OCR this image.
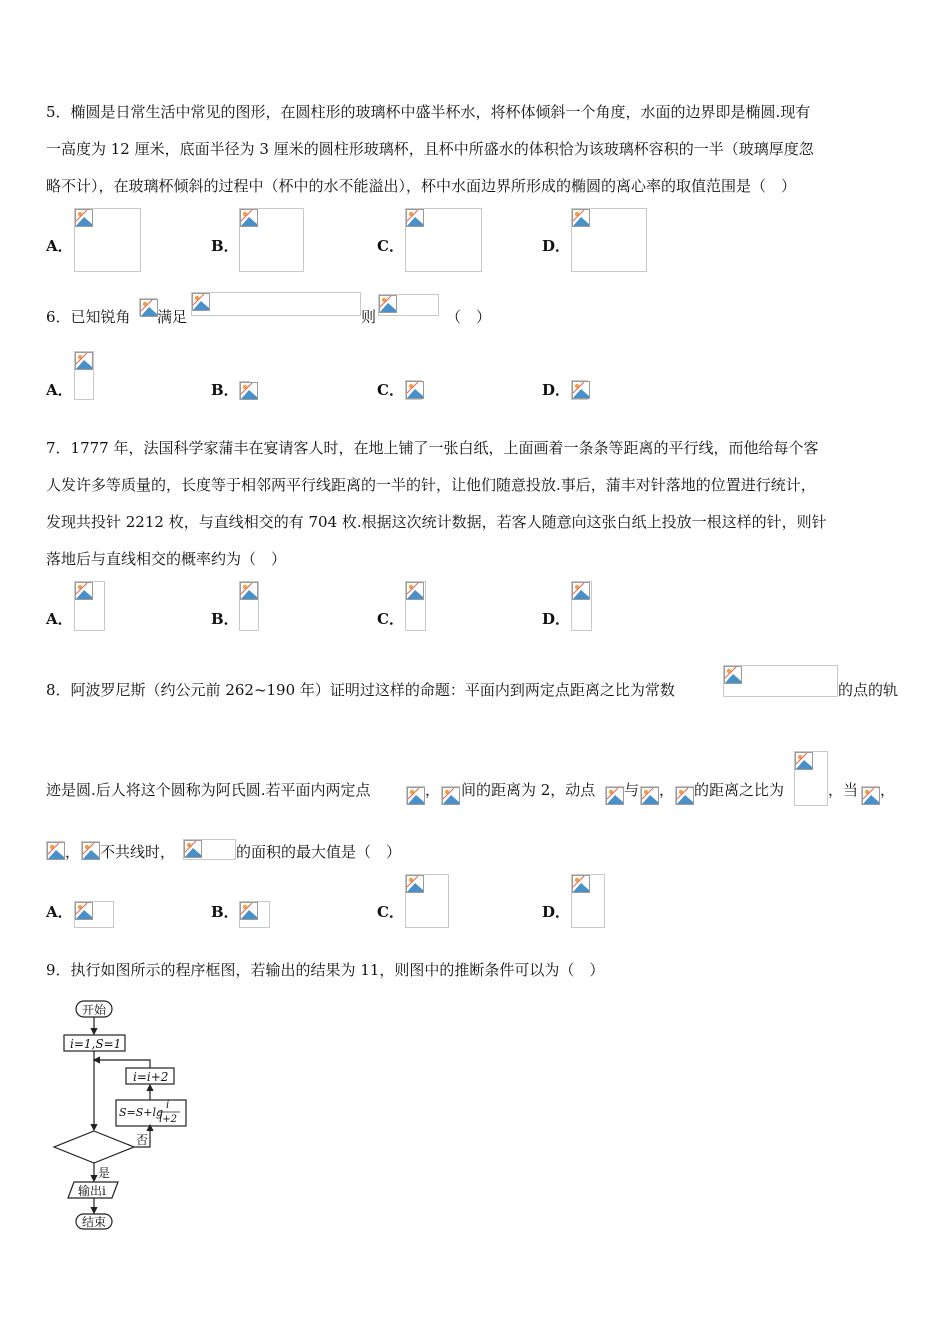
5．椭圆是日常生活中常见的图形，在圆柱形的玻璃杯中盛半杯水，将杯体倾斜一个角度，水面的边界即是椭圆.现有
一高度为 12 厘米，底面半径为 3 厘米的圆柱形玻璃杯，且杯中所盛水的体积恰为该玻璃杯容积的一半（玻璃厚度忽
略不计），在玻璃杯倾斜的过程中（杯中的水不能溢出），杯中水面边界所形成的椭圆的离心率的取值范围是（　）
A．	B．	C．	D．
6．已知锐角 满足	则	（　）
A．	B．	C．	D．
7．1777 年，法国科学家蒲丰在宴请客人时，在地上铺了一张白纸，上面画着一条条等距离的平行线，而他给每个客
人发许多等质量的，长度等于相邻两平行线距离的一半的针，让他们随意投放.事后，蒲丰对针落地的位置进行统计，
发现共投针 2212 枚，与直线相交的有 704 枚.根据这次统计数据，若客人随意向这张白纸上投放一根这样的针，则针
落地后与直线相交的概率约为（　）
A．	B．	C．	D．
8．阿波罗尼斯（约公元前 262~190 年）证明过这样的命题：平面内到两定点距离之比为常数	的点的轨
迹是圆.后人将这个圆称为阿氏圆.若平面内两定点	， 间的距离为 2，动点 与 ， 的距离之比为	，当 ，
， 不共线时，	的面积的最大值是（　）
A．	B．	C．	D．
9．执行如图所示的程序框图，若输出的结果为 11，则图中的推断条件可以为（　）
开始
i=1,S=1
i=i+2
S=S+lg
i
i+2
否
是
输出i
结束
